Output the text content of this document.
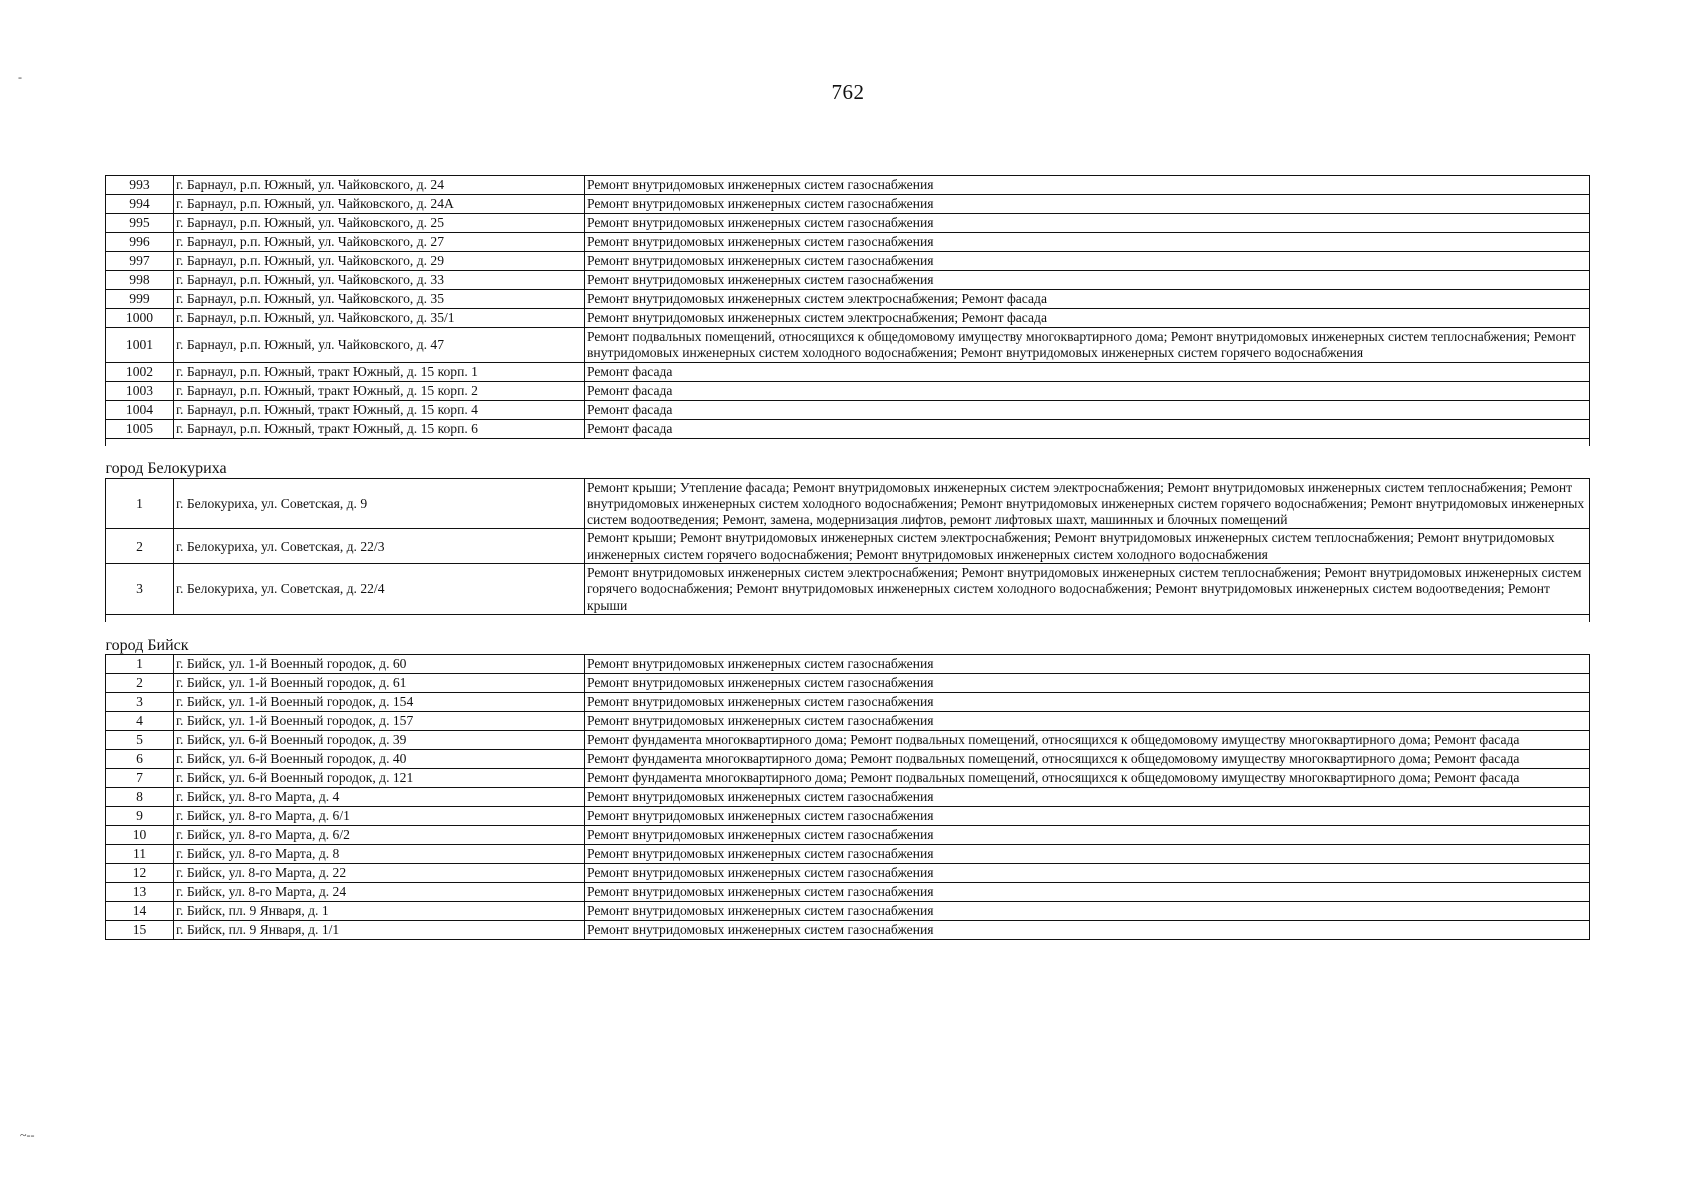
762
993	г. Барнаул, р.п. Южный, ул. Чайковского, д. 24	Ремонт внутридомовых инженерных систем газоснабжения
994	г. Барнаул, р.п. Южный, ул. Чайковского, д. 24А	Ремонт внутридомовых инженерных систем газоснабжения
995	г. Барнаул, р.п. Южный, ул. Чайковского, д. 25	Ремонт внутридомовых инженерных систем газоснабжения
996	г. Барнаул, р.п. Южный, ул. Чайковского, д. 27	Ремонт внутридомовых инженерных систем газоснабжения
997	г. Барнаул, р.п. Южный, ул. Чайковского, д. 29	Ремонт внутридомовых инженерных систем газоснабжения
998	г. Барнаул, р.п. Южный, ул. Чайковского, д. 33	Ремонт внутридомовых инженерных систем газоснабжения
999	г. Барнаул, р.п. Южный, ул. Чайковского, д. 35	Ремонт внутридомовых инженерных систем электроснабжения; Ремонт фасада
1000	г. Барнаул, р.п. Южный, ул. Чайковского, д. 35/1	Ремонт внутридомовых инженерных систем электроснабжения; Ремонт фасада
1001	г. Барнаул, р.п. Южный, ул. Чайковского, д. 47	Ремонт подвальных помещений, относящихся к общедомовому имуществу многоквартирного дома; Ремонт внутридомовых инженерных систем теплоснабжения; Ремонт внутридомовых инженерных систем холодного водоснабжения; Ремонт внутридомовых инженерных систем горячего водоснабжения
1002	г. Барнаул, р.п. Южный, тракт Южный, д. 15 корп. 1	Ремонт фасада
1003	г. Барнаул, р.п. Южный, тракт Южный, д. 15 корп. 2	Ремонт фасада
1004	г. Барнаул, р.п. Южный, тракт Южный, д. 15 корп. 4	Ремонт фасада
1005	г. Барнаул, р.п. Южный, тракт Южный, д. 15 корп. 6	Ремонт фасада

город Белокуриха		
1	г. Белокуриха, ул. Советская, д. 9	Ремонт крыши; Утепление фасада; Ремонт внутридомовых инженерных систем электроснабжения; Ремонт внутридомовых инженерных систем теплоснабжения; Ремонт внутридомовых инженерных систем холодного водоснабжения; Ремонт внутридомовых инженерных систем горячего водоснабжения; Ремонт внутридомовых инженерных систем водоотведения; Ремонт, замена, модернизация лифтов, ремонт лифтовых шахт, машинных и блочных помещений
2	г. Белокуриха, ул. Советская, д. 22/3	Ремонт крыши; Ремонт внутридомовых инженерных систем электроснабжения; Ремонт внутридомовых инженерных систем теплоснабжения; Ремонт внутридомовых инженерных систем горячего водоснабжения; Ремонт внутридомовых инженерных систем холодного водоснабжения
3	г. Белокуриха, ул. Советская, д. 22/4	Ремонт внутридомовых инженерных систем электроснабжения; Ремонт внутридомовых инженерных систем теплоснабжения; Ремонт внутридомовых инженерных систем горячего водоснабжения; Ремонт внутридомовых инженерных систем холодного водоснабжения; Ремонт внутридомовых инженерных систем водоотведения; Ремонт крыши

город Бийск		
1	г. Бийск, ул. 1-й Военный городок, д. 60	Ремонт внутридомовых инженерных систем газоснабжения
2	г. Бийск, ул. 1-й Военный городок, д. 61	Ремонт внутридомовых инженерных систем газоснабжения
3	г. Бийск, ул. 1-й Военный городок, д. 154	Ремонт внутридомовых инженерных систем газоснабжения
4	г. Бийск, ул. 1-й Военный городок, д. 157	Ремонт внутридомовых инженерных систем газоснабжения
5	г. Бийск, ул. 6-й Военный городок, д. 39	Ремонт фундамента многоквартирного дома; Ремонт подвальных помещений, относящихся к общедомовому имуществу многоквартирного дома; Ремонт фасада
6	г. Бийск, ул. 6-й Военный городок, д. 40	Ремонт фундамента многоквартирного дома; Ремонт подвальных помещений, относящихся к общедомовому имуществу многоквартирного дома; Ремонт фасада
7	г. Бийск, ул. 6-й Военный городок, д. 121	Ремонт фундамента многоквартирного дома; Ремонт подвальных помещений, относящихся к общедомовому имуществу многоквартирного дома; Ремонт фасада
8	г. Бийск, ул. 8-го Марта, д. 4	Ремонт внутридомовых инженерных систем газоснабжения
9	г. Бийск, ул. 8-го Марта, д. 6/1	Ремонт внутридомовых инженерных систем газоснабжения
10	г. Бийск, ул. 8-го Марта, д. 6/2	Ремонт внутридомовых инженерных систем газоснабжения
11	г. Бийск, ул. 8-го Марта, д. 8	Ремонт внутридомовых инженерных систем газоснабжения
12	г. Бийск, ул. 8-го Марта, д. 22	Ремонт внутридомовых инженерных систем газоснабжения
13	г. Бийск, ул. 8-го Марта, д. 24	Ремонт внутридомовых инженерных систем газоснабжения
14	г. Бийск, пл. 9 Января, д. 1	Ремонт внутридомовых инженерных систем газоснабжения
15	г. Бийск, пл. 9 Января, д. 1/1	Ремонт внутридомовых инженерных систем газоснабжения
-
~--
